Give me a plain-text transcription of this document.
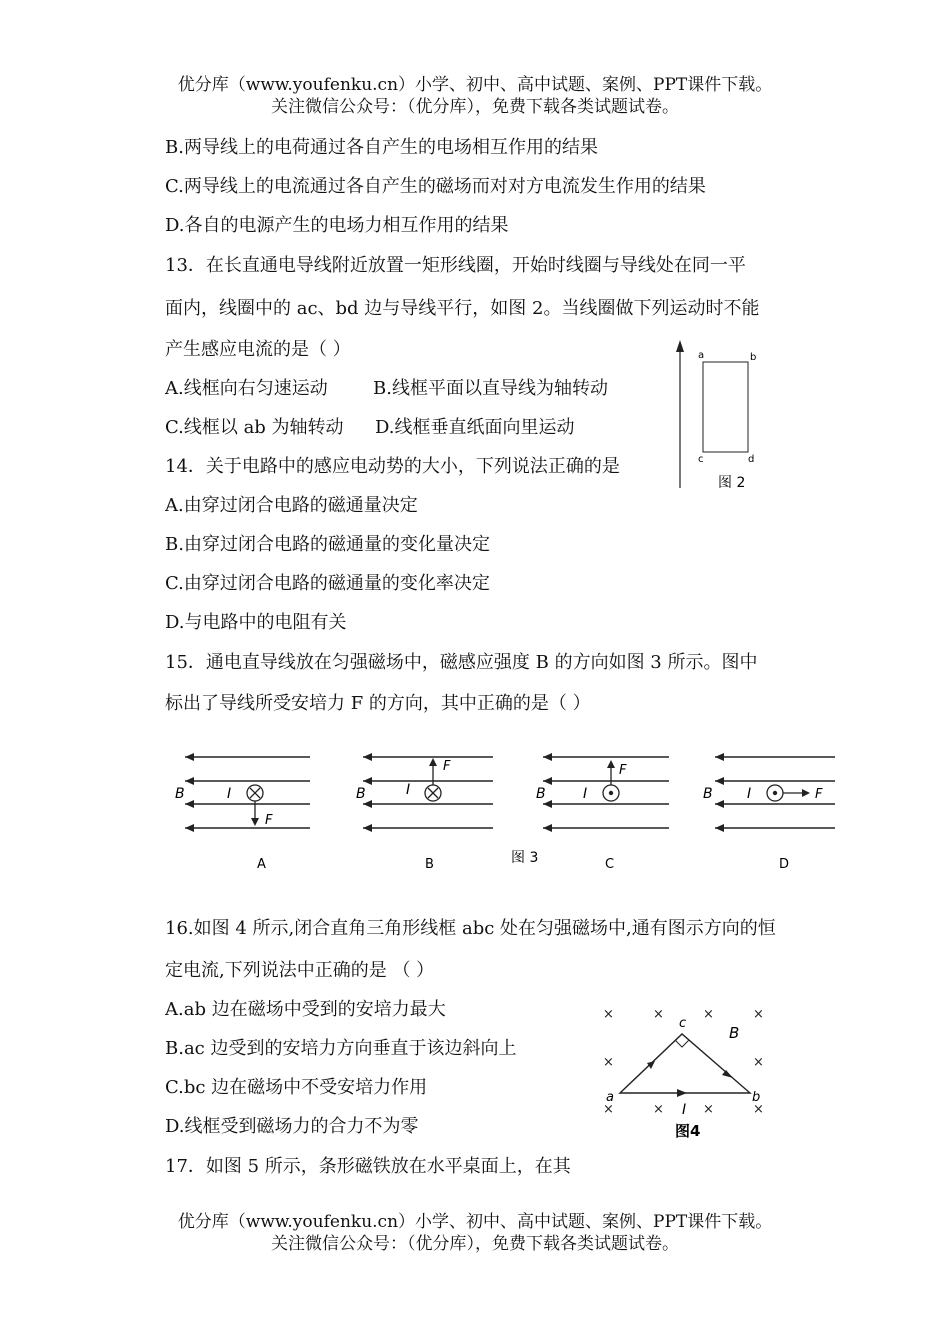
优分库（www.youfenku.cn）小学、初中、高中试题、案例、PPT课件下载。
关注微信公众号：（优分库），免费下载各类试题试卷。
B.两导线上的电荷通过各自产生的电场相互作用的结果
C.两导线上的电流通过各自产生的磁场而对对方电流发生作用的结果
D.各自的电源产生的电场力相互作用的结果
13．在长直通电导线附近放置一矩形线圈，开始时线圈与导线处在同一平
面内，线圈中的 ac、bd 边与导线平行，如图 2。当线圈做下列运动时不能
产生感应电流的是（ ）
A.线框向右匀速运动	B.线框平面以直导线为轴转动
C.线框以 ab 为轴转动 D.线框垂直纸面向里运动
a	b
c	d
图 2
14．关于电路中的感应电动势的大小，下列说法正确的是
A.由穿过闭合电路的磁通量决定
B.由穿过闭合电路的磁通量的变化量决定
C.由穿过闭合电路的磁通量的变化率决定
D.与电路中的电阻有关
15．通电直导线放在匀强磁场中，磁感应强度 B 的方向如图 3 所示。图中
标出了导线所受安培力 F 的方向，其中正确的是（ ）
B	I
F
A
B	I
F
B	图 3
B	I
F
C
B I	F
D
16.如图 4 所示,闭合直角三角形线框 abc 处在匀强磁场中,通有图示方向的恒
定电流,下列说法中正确的是 （ ）
A.ab 边在磁场中受到的安培力最大
B.ac 边受到的安培力方向垂直于该边斜向上
C.bc 边在磁场中不受安培力作用
D.线框受到磁场力的合力不为零
×	×	×	×
×	×
×	×	×	×
a	b
c
B
I
图4
17．如图 5 所示，条形磁铁放在水平桌面上，在其
优分库（www.youfenku.cn）小学、初中、高中试题、案例、PPT课件下载。
关注微信公众号：（优分库），免费下载各类试题试卷。
